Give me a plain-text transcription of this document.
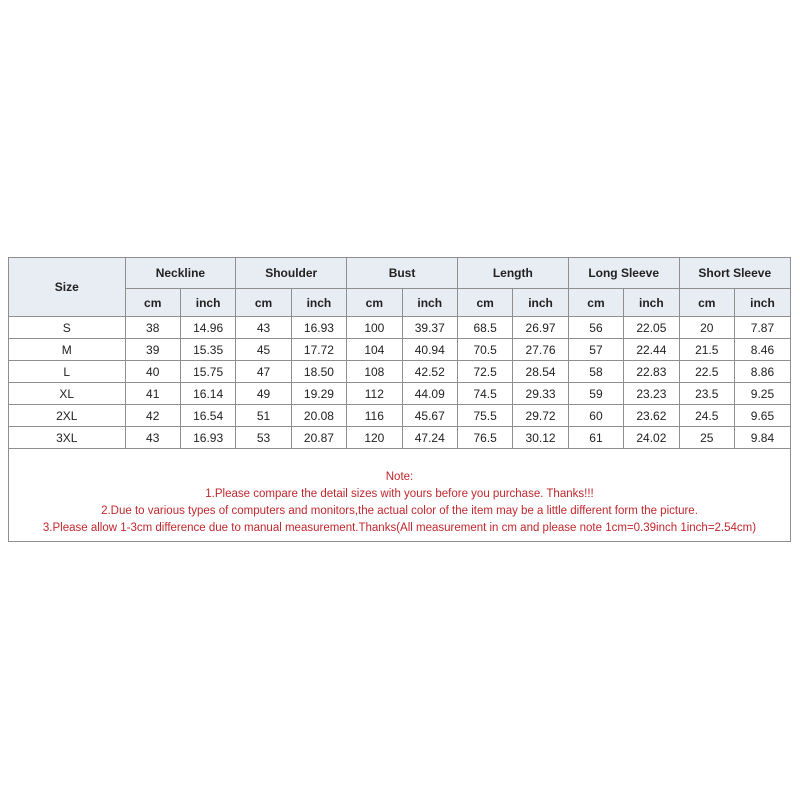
Size	Neckline		Shoulder		Bust		Length		Long Sleeve		Short Sleeve	
	cm	inch	cm	inch	cm	inch	cm	inch	cm	inch	cm	inch
S	38	14.96	43	16.93	100	39.37	68.5	26.97	56	22.05	20	7.87
M	39	15.35	45	17.72	104	40.94	70.5	27.76	57	22.44	21.5	8.46
L	40	15.75	47	18.50	108	42.52	72.5	28.54	58	22.83	22.5	8.86
XL	41	16.14	49	19.29	112	44.09	74.5	29.33	59	23.23	23.5	9.25
2XL	42	16.54	51	20.08	116	45.67	75.5	29.72	60	23.62	24.5	9.65
3XL	43	16.93	53	20.87	120	47.24	76.5	30.12	61	24.02	25	9.84
Note:
1.Please compare the detail sizes with yours before you purchase. Thanks!!!
2.Due to various types of computers and monitors,the actual color of the item may be a little different form the picture.
3.Please allow 1-3cm difference due to manual measurement.Thanks(All measurement in cm and please note 1cm=0.39inch 1inch=2.54cm)
